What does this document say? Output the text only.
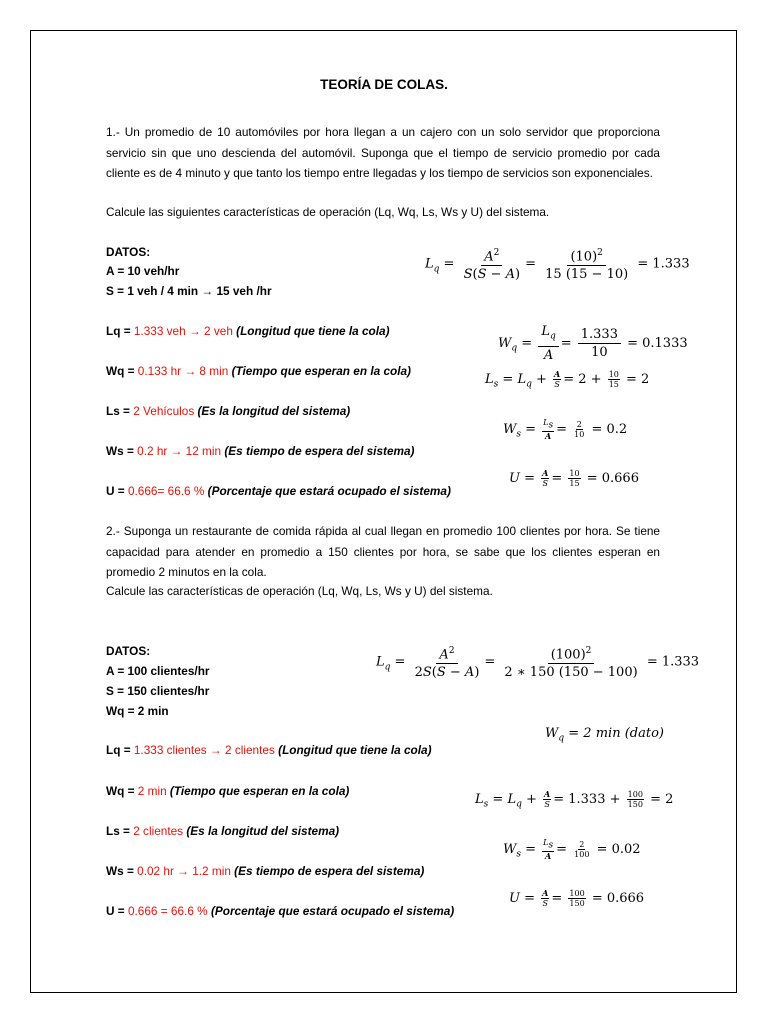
TEORÍA DE COLAS.
1.- Un promedio de 10 automóviles por hora llegan a un cajero con un solo servidor que proporciona servicio sin que uno descienda del automóvil. Suponga que el tiempo de servicio promedio por cada cliente es de 4 minuto y que tanto los tiempo entre llegadas y los tiempo de servicios son exponenciales.
Calcule las siguientes características de operación (Lq, Wq, Ls, Ws y U) del sistema.
DATOS:
A = 10 veh/hr
S = 1 veh / 4 min → 15 veh /hr
Lq = 1.333 veh → 2 veh (Longitud que tiene la cola)
Wq = 0.133 hr → 8 min (Tiempo que esperan en la cola)
Ls = 2 Vehículos (Es la longitud del sistema)
Ws = 0.2 hr → 12 min (Es tiempo de espera del sistema)
U = 0.666= 66.6 % (Porcentaje que estará ocupado el sistema)
$L_q = \frac{A^2}{S(S - A)} = \frac{(10)^2}{15 (15 - 10)} = 1.333$
$W_q = \frac{L_q}{A} = \frac{1.333}{10} = 0.1333$
$L_s = L_q + \frac{A}{S} = 2 + \frac{10}{15} = 2$
$W_s = \frac{L_s}{A} = \frac{2}{10} = 0.2$
$U = \frac{A}{S} = \frac{10}{15} = 0.666$
2.- Suponga un restaurante de comida rápida al cual llegan en promedio 100 clientes por hora. Se tiene capacidad para atender en promedio a 150 clientes por hora, se sabe que los clientes esperan en promedio 2 minutos en la cola.
Calcule las características de operación (Lq, Wq, Ls, Ws y U) del sistema.
DATOS:
A = 100 clientes/hr
S = 150 clientes/hr
Wq = 2 min
Lq = 1.333 clientes → 2 clientes (Longitud que tiene la cola)
Wq = 2 min (Tiempo que esperan en la cola)
Ls = 2 clientes (Es la longitud del sistema)
Ws = 0.02 hr → 1.2 min (Es tiempo de espera del sistema)
U = 0.666 = 66.6 % (Porcentaje que estará ocupado el sistema)
$L_q = \frac{A^2}{2S(S - A)} = \frac{(100)^2}{2 ∗ 150 (150 - 100)} = 1.333$
$W_q = 2$ min (dato)
$L_s = L_q + \frac{A}{S} = 1.333 + \frac{100}{150} = 2$
$W_s = \frac{L_s}{A} = \frac{2}{100} = 0.02$
$U = \frac{A}{S} = \frac{100}{150} = 0.666$
